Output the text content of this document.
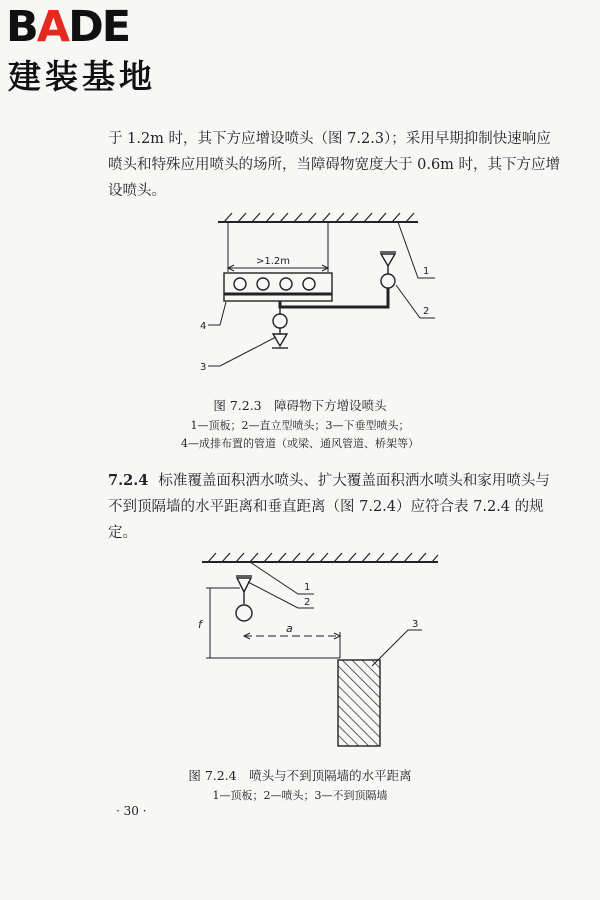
BADE
建装基地

于 1.2m 时，其下方应增设喷头（图 7.2.3）；采用早期抑制快速响应喷头和特殊应用喷头的场所，当障碍物宽度大于 0.6m 时，其下方应增设喷头。

>1.2m
1
2
3
4

图 7.2.3　障碍物下方增设喷头

1—顶板；2—直立型喷头；3—下垂型喷头；

4—成排布置的管道（或梁、通风管道、桥架等）

7.2.4 标准覆盖面积洒水喷头、扩大覆盖面积洒水喷头和家用喷头与不到顶隔墙的水平距离和垂直距离（图 7.2.4）应符合表 7.2.4 的规定。

f	a
1
2
3

图 7.2.4　喷头与不到顶隔墙的水平距离

1—顶板；2—喷头；3—不到顶隔墙

· 30 ·
